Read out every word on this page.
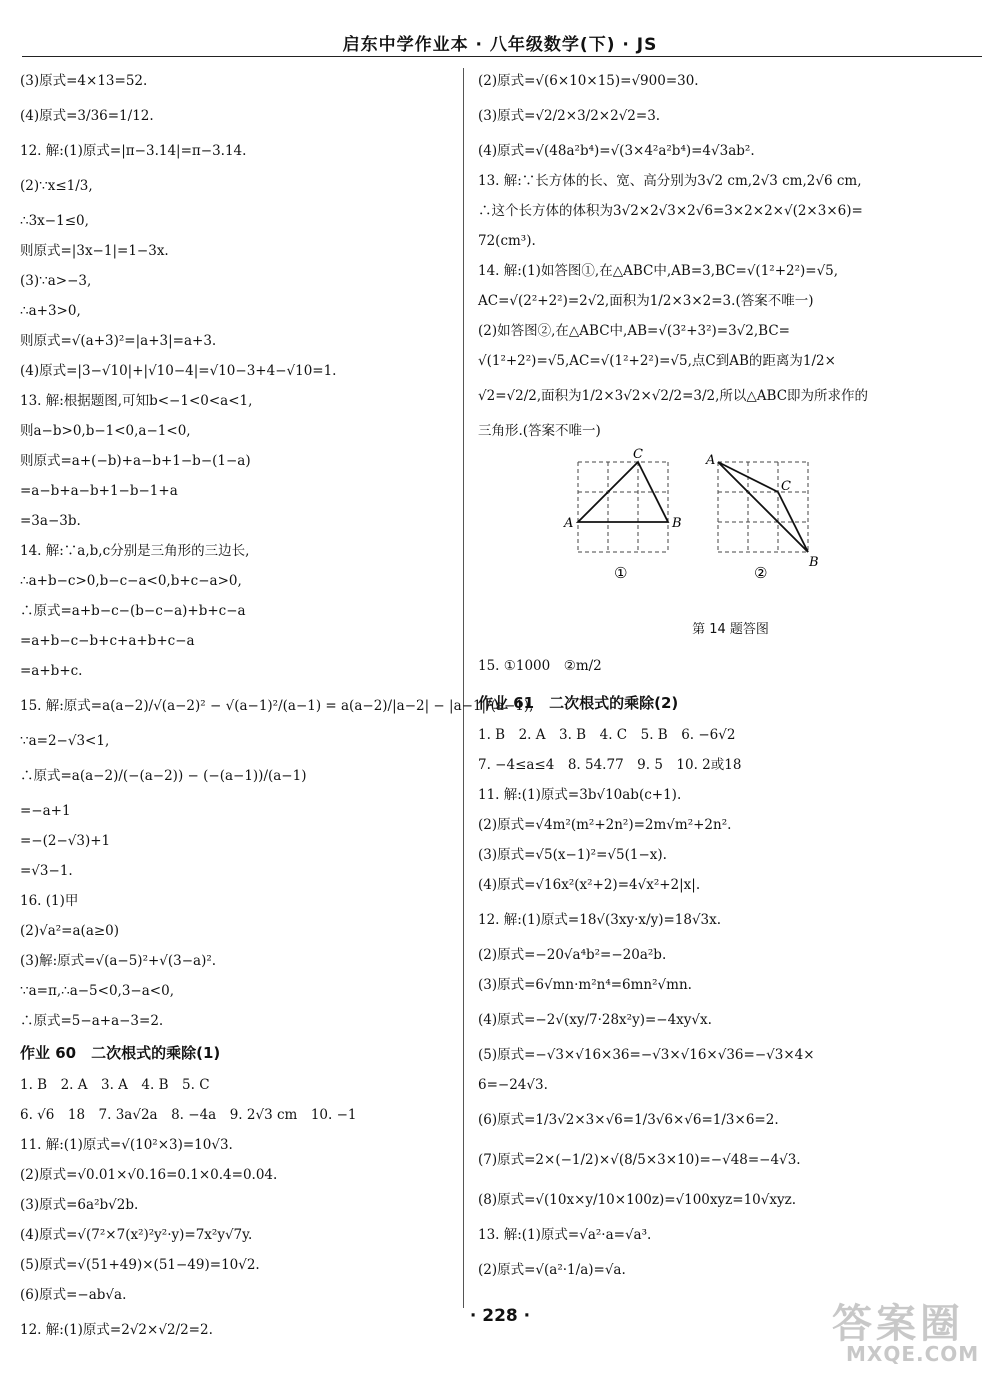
启东中学作业本 · 八年级数学(下) · JS
(3)原式=4×13=52.
(4)原式=3/36=1/12.
12. 解:(1)原式=|π−3.14|=π−3.14.
(2)∵x≤1/3,
∴3x−1≤0,
则原式=|3x−1|=1−3x.
(3)∵a>−3,
∴a+3>0,
则原式=√(a+3)²=|a+3|=a+3.
(4)原式=|3−√10|+|√10−4|=√10−3+4−√10=1.
13. 解:根据题图,可知b<−1<0<a<1,
则a−b>0,b−1<0,a−1<0,
则原式=a+(−b)+a−b+1−b−(1−a)
=a−b+a−b+1−b−1+a
=3a−3b.
14. 解:∵a,b,c分别是三角形的三边长,
∴a+b−c>0,b−c−a<0,b+c−a>0,
∴原式=a+b−c−(b−c−a)+b+c−a
=a+b−c−b+c+a+b+c−a
=a+b+c.
15. 解:原式=a(a−2)/√(a−2)² − √(a−1)²/(a−1) = a(a−2)/|a−2| − |a−1|/(a−1),
∵a=2−√3<1,
∴原式=a(a−2)/(−(a−2)) − (−(a−1))/(a−1)
=−a+1
=−(2−√3)+1
=√3−1.
16. (1)甲
(2)√a²=a(a≥0)
(3)解:原式=√(a−5)²+√(3−a)².
∵a=π,∴a−5<0,3−a<0,
∴原式=5−a+a−3=2.
作业 60　二次根式的乘除(1)
1. B　2. A　3. A　4. B　5. C
6. √6　18　7. 3a√2a　8. −4a　9. 2√3 cm　10. −1
11. 解:(1)原式=√(10²×3)=10√3.
(2)原式=√0.01×√0.16=0.1×0.4=0.04.
(3)原式=6a²b√2b.
(4)原式=√(7²×7(x²)²y²·y)=7x²y√7y.
(5)原式=√(51+49)×(51−49)=10√2.
(6)原式=−ab√a.
12. 解:(1)原式=2√2×√2/2=2.
(2)原式=√(6×10×15)=√900=30.
(3)原式=√2/2×3/2×2√2=3.
(4)原式=√(48a²b⁴)=√(3×4²a²b⁴)=4√3ab².
13. 解:∵长方体的长、宽、高分别为3√2 cm,2√3 cm,2√6 cm,
∴这个长方体的体积为3√2×2√3×2√6=3×2×2×√(2×3×6)=
72(cm³).
14. 解:(1)如答图①,在△ABC中,AB=3,BC=√(1²+2²)=√5,
AC=√(2²+2²)=2√2,面积为1/2×3×2=3.(答案不唯一)
(2)如答图②,在△ABC中,AB=√(3²+3²)=3√2,BC=
√(1²+2²)=√5,AC=√(1²+2²)=√5,点C到AB的距离为1/2×
√2=√2/2,面积为1/2×3√2×√2/2=3/2,所以△ABC即为所求作的
三角形.(答案不唯一)
A
C
B
①
A
C
B
②
第 14 题答图
15. ①1000　②m/2
作业 61　二次根式的乘除(2)
1. B　2. A　3. B　4. C　5. B　6. −6√2
7. −4≤a≤4　8. 54.77　9. 5　10. 2或18
11. 解:(1)原式=3b√10ab(c+1).
(2)原式=√4m²(m²+2n²)=2m√m²+2n².
(3)原式=√5(x−1)²=√5(1−x).
(4)原式=√16x²(x²+2)=4√x²+2|x|.
12. 解:(1)原式=18√(3xy·x/y)=18√3x.
(2)原式=−20√a⁴b²=−20a²b.
(3)原式=6√mn·m²n⁴=6mn²√mn.
(4)原式=−2√(xy/7·28x²y)=−4xy√x.
(5)原式=−√3×√16×36=−√3×√16×√36=−√3×4×
6=−24√3.
(6)原式=1/3√2×3×√6=1/3√6×√6=1/3×6=2.
(7)原式=2×(−1/2)×√(8/5×3×10)=−√48=−4√3.
(8)原式=√(10x×y/10×100z)=√100xyz=10√xyz.
13. 解:(1)原式=√a²·a=√a³.
(2)原式=√(a²·1/a)=√a.
· 228 ·	答案圈
MXQE.COM
